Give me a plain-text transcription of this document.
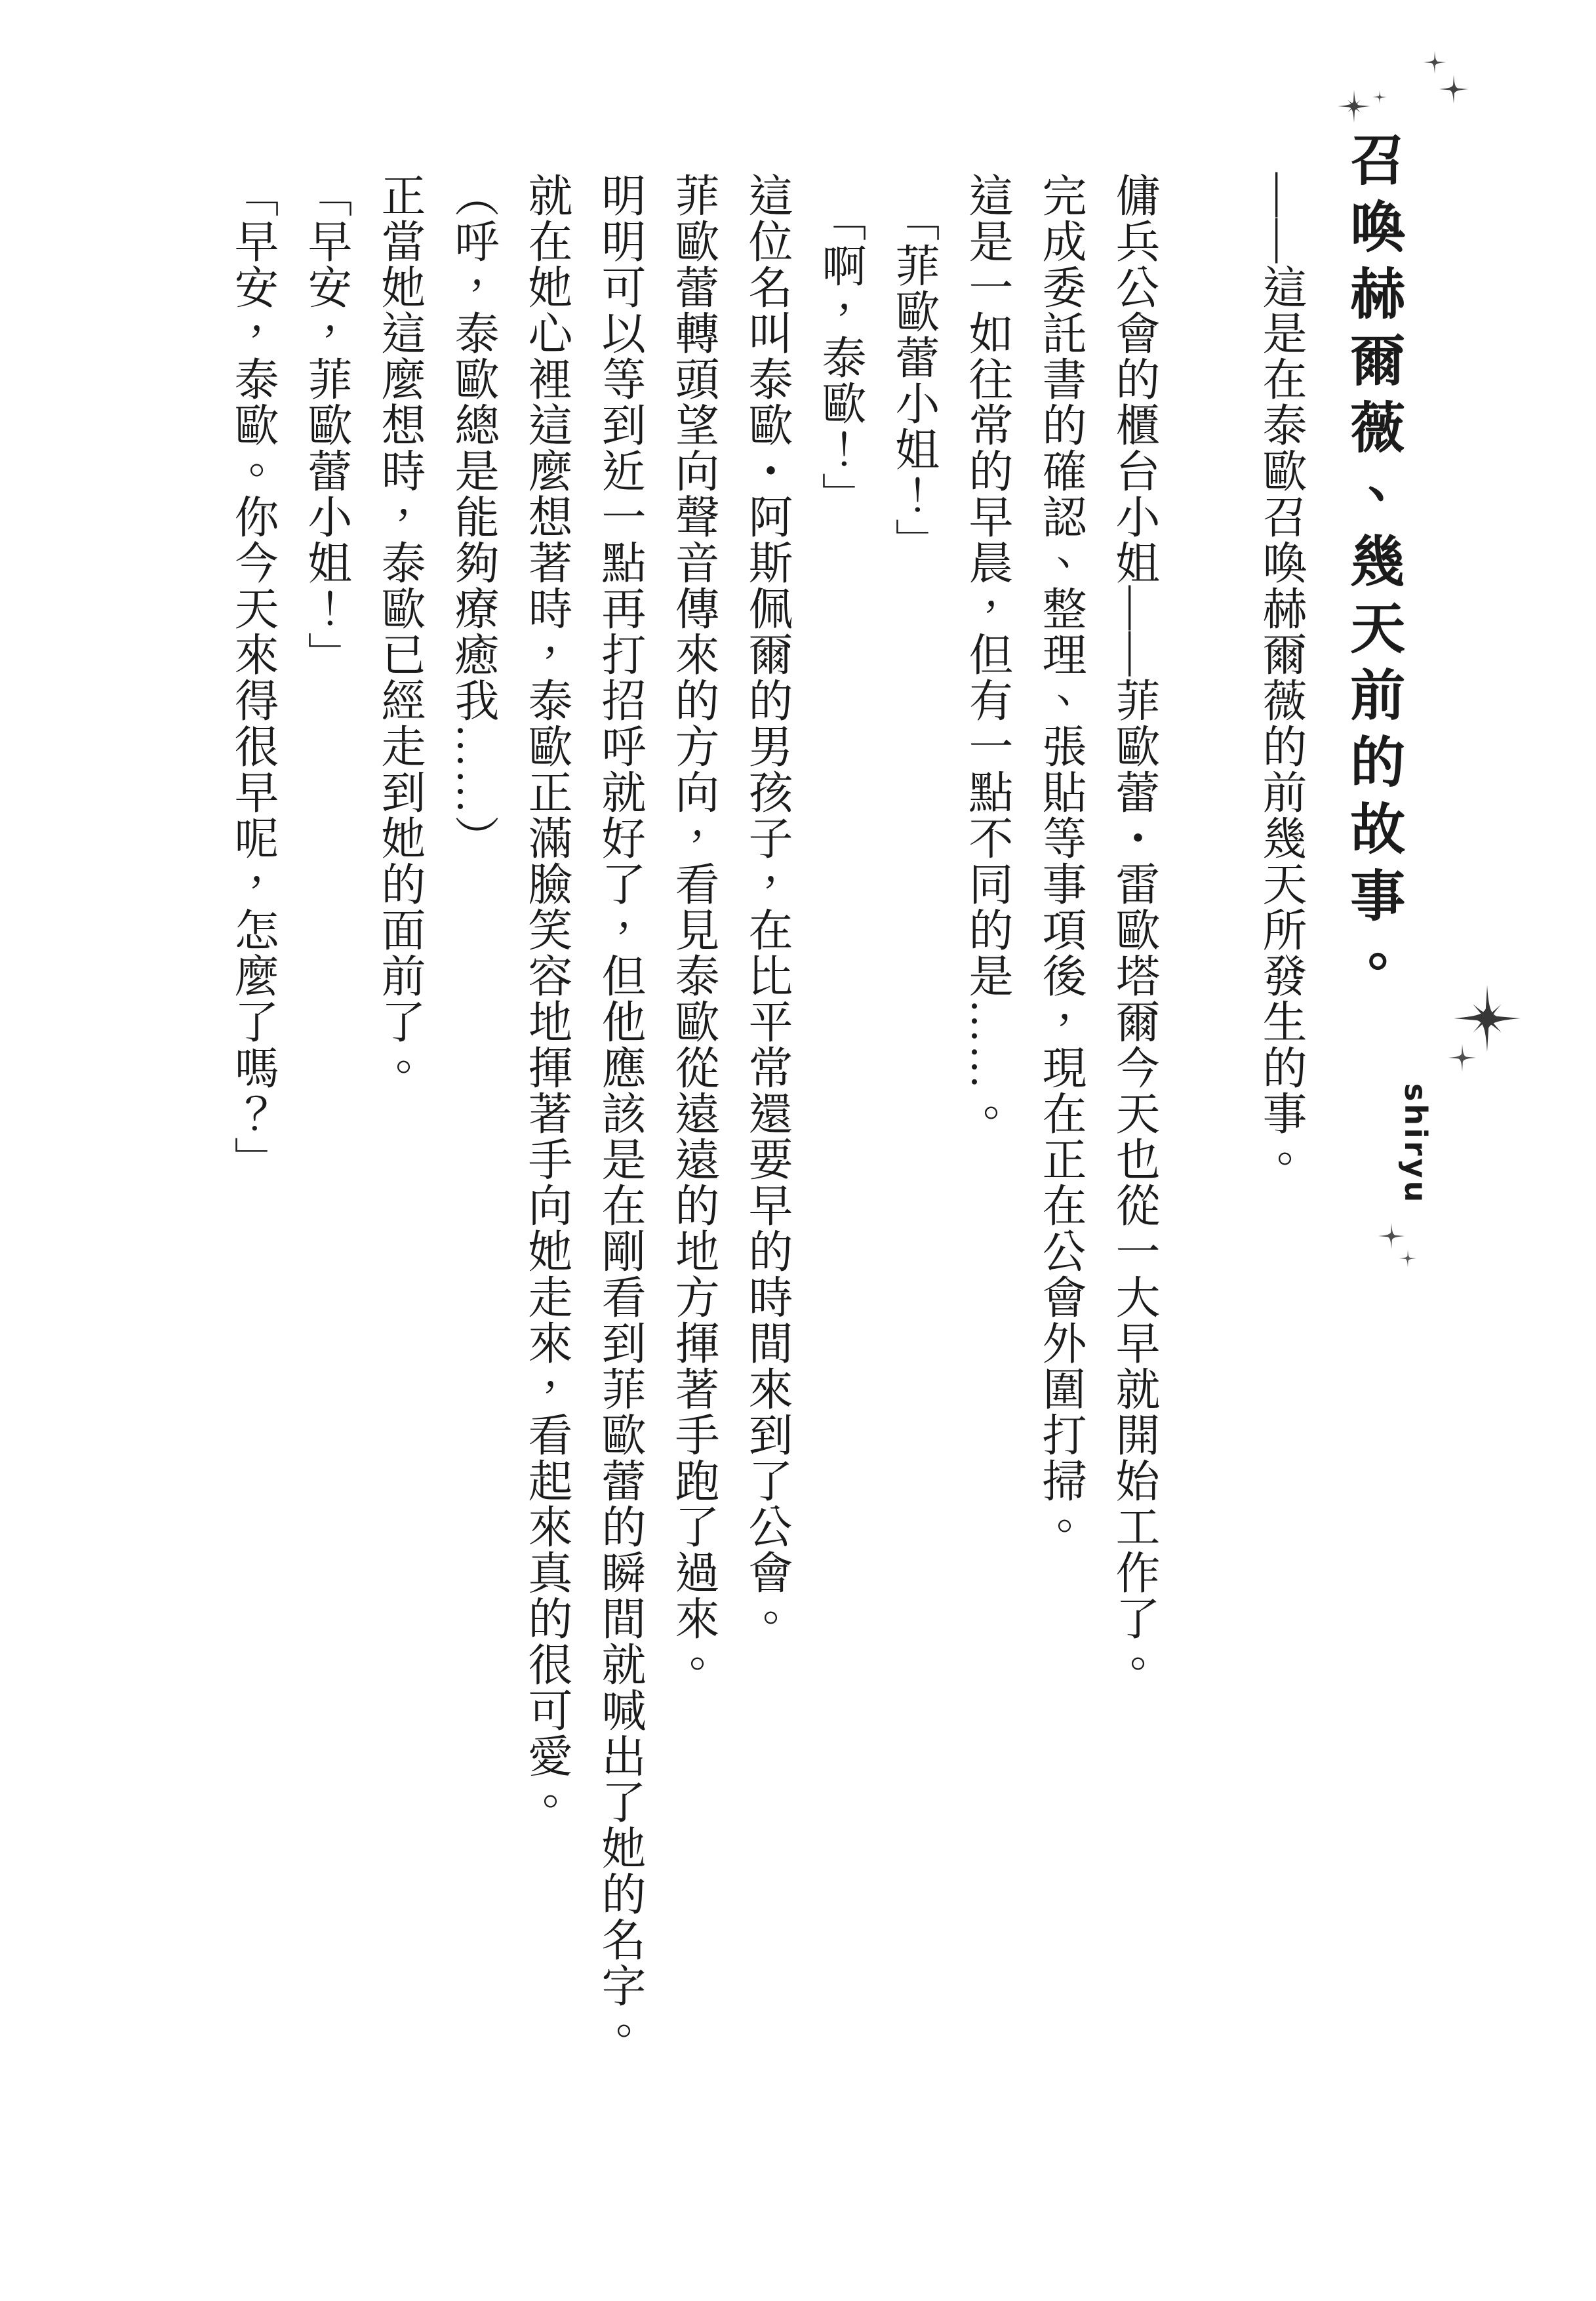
召喚赫爾薇、幾天前的故事。
shiryu

——這是在泰歐召喚赫爾薇的前幾天所發生的事。

傭兵公會的櫃台小姐——菲歐蕾・雷歐塔爾今天也從一大早就開始工作了。

完成委託書的確認、整理、張貼等事項後，現在正在公會外圍打掃。

這是一如往常的早晨，但有一點不同的是……。

「菲歐蕾小姐！」

「啊，泰歐！」

這位名叫泰歐・阿斯佩爾的男孩子，在比平常還要早的時間來到了公會。

菲歐蕾轉頭望向聲音傳來的方向，看見泰歐從遠遠的地方揮著手跑了過來。

明明可以等到近一點再打招呼就好了，但他應該是在剛看到菲歐蕾的瞬間就喊出了她的名字。

就在她心裡這麼想著時，泰歐正滿臉笑容地揮著手向她走來，看起來真的很可愛。

（呼，泰歐總是能夠療癒我……）

正當她這麼想時，泰歐已經走到她的面前了。

「早安，菲歐蕾小姐！」

「早安，泰歐。你今天來得很早呢，怎麼了嗎？」
